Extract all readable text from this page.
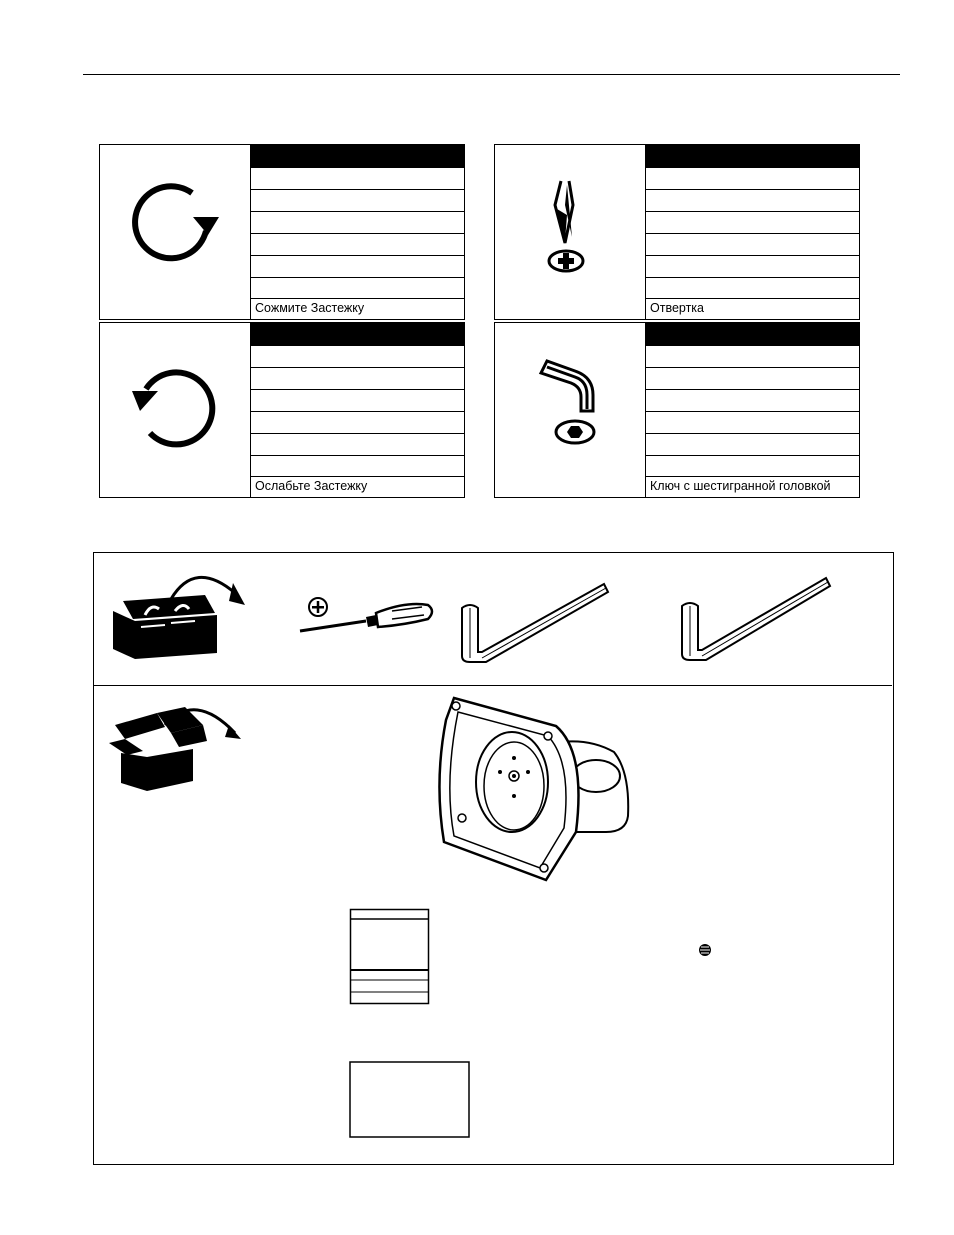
Сожмите Застежку	Отвертка
Ослабьте Застежку	Ключ с шестигранной головкой
